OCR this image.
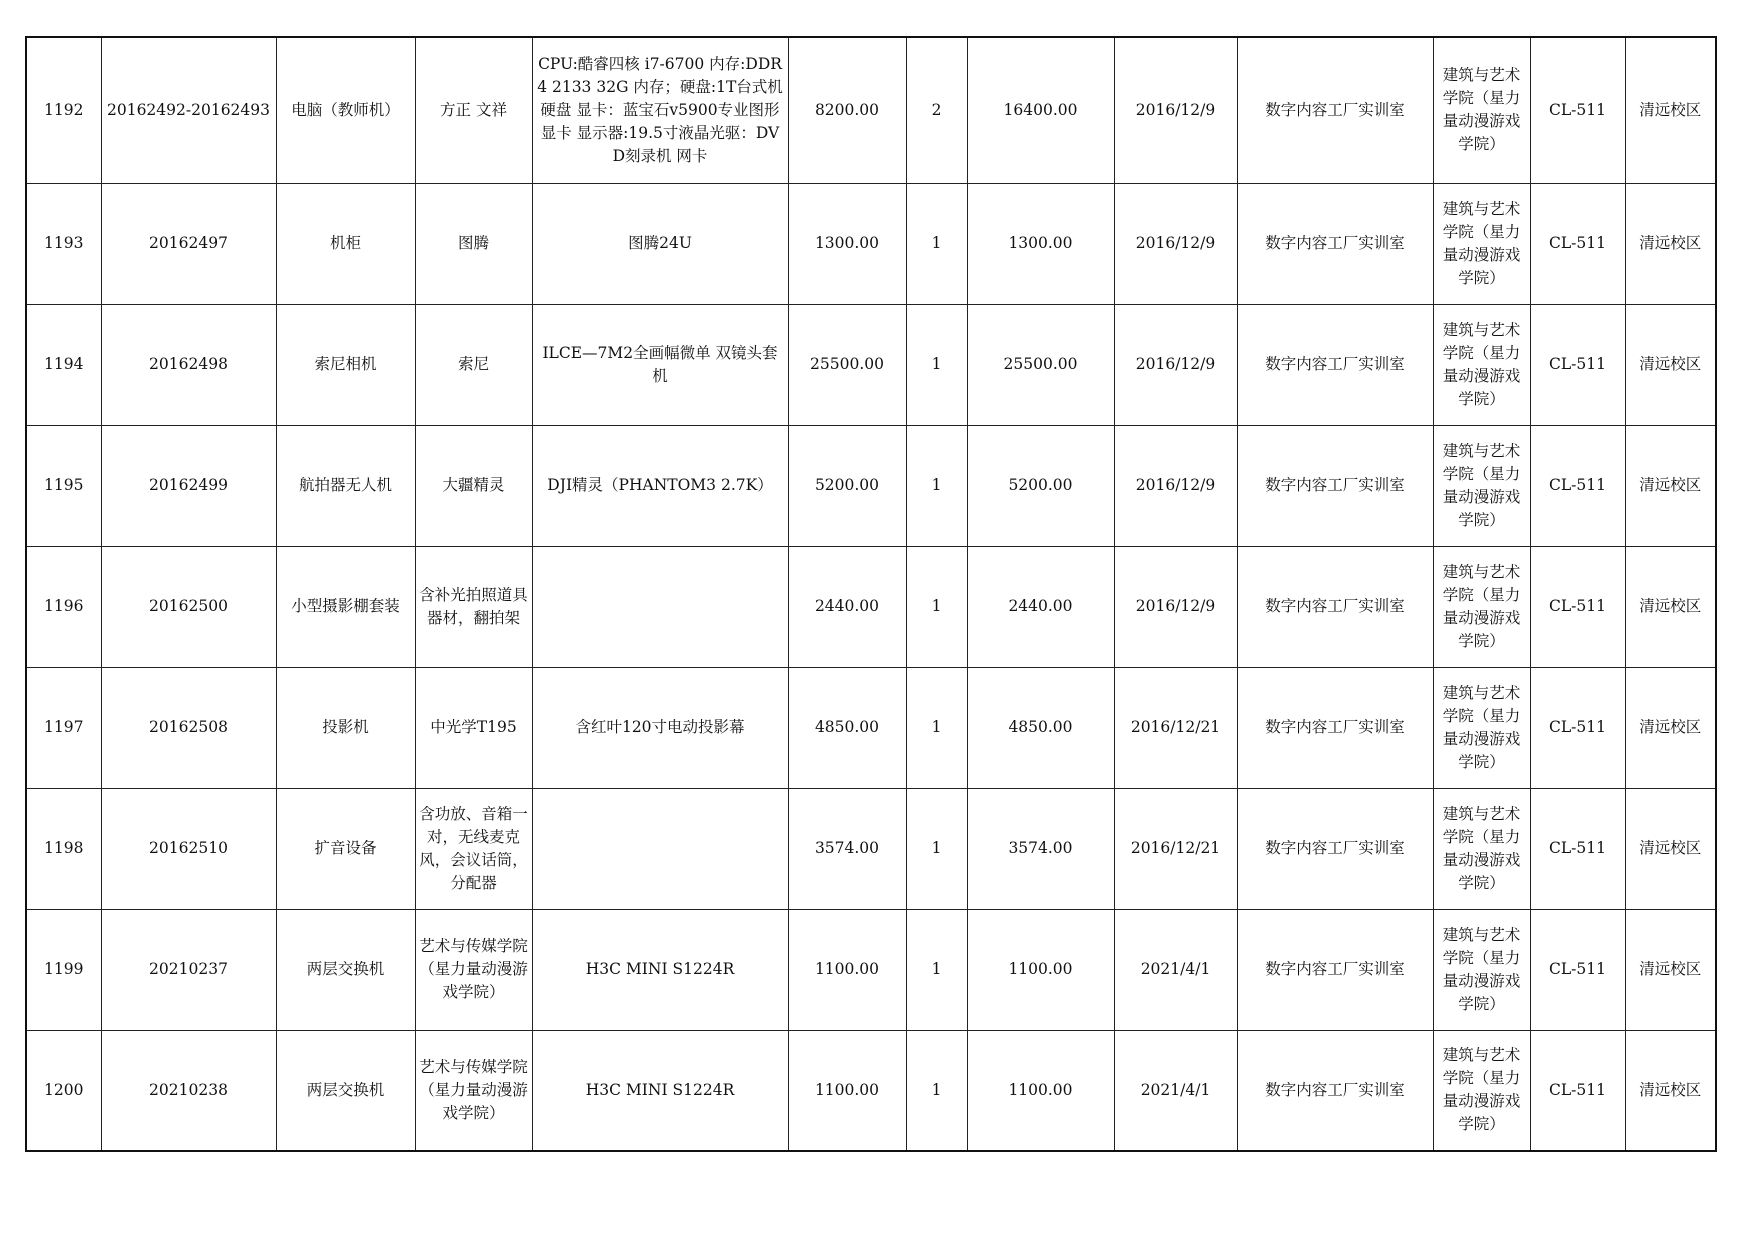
1192	20162492-20162493	电脑（教师机）	方正 文祥	CPU:酷睿四核 i7-6700 内存:DDR4 2133 32G 内存；硬盘:1T台式机硬盘 显卡：蓝宝石v5900专业图形显卡 显示器:19.5寸液晶光驱：DVD刻录机 网卡	8200.00	2	16400.00	2016/12/9	数字内容工厂实训室	建筑与艺术学院（星力量动漫游戏学院）	CL-511	清远校区
1193	20162497	机柜	图腾	图腾24U	1300.00	1	1300.00	2016/12/9	数字内容工厂实训室	建筑与艺术学院（星力量动漫游戏学院）	CL-511	清远校区
1194	20162498	索尼相机	索尼	ILCE—7M2全画幅微单 双镜头套机	25500.00	1	25500.00	2016/12/9	数字内容工厂实训室	建筑与艺术学院（星力量动漫游戏学院）	CL-511	清远校区
1195	20162499	航拍器无人机	大疆精灵	DJI精灵（PHANTOM3 2.7K）	5200.00	1	5200.00	2016/12/9	数字内容工厂实训室	建筑与艺术学院（星力量动漫游戏学院）	CL-511	清远校区
1196	20162500	小型摄影棚套装	含补光拍照道具器材，翻拍架		2440.00	1	2440.00	2016/12/9	数字内容工厂实训室	建筑与艺术学院（星力量动漫游戏学院）	CL-511	清远校区
1197	20162508	投影机	中光学T195	含红叶120寸电动投影幕	4850.00	1	4850.00	2016/12/21	数字内容工厂实训室	建筑与艺术学院（星力量动漫游戏学院）	CL-511	清远校区
1198	20162510	扩音设备	含功放、音箱一对，无线麦克风，会议话筒，分配器		3574.00	1	3574.00	2016/12/21	数字内容工厂实训室	建筑与艺术学院（星力量动漫游戏学院）	CL-511	清远校区
1199	20210237	两层交换机	艺术与传媒学院（星力量动漫游戏学院）	H3C MINI S1224R	1100.00	1	1100.00	2021/4/1	数字内容工厂实训室	建筑与艺术学院（星力量动漫游戏学院）	CL-511	清远校区
1200	20210238	两层交换机	艺术与传媒学院（星力量动漫游戏学院）	H3C MINI S1224R	1100.00	1	1100.00	2021/4/1	数字内容工厂实训室	建筑与艺术学院（星力量动漫游戏学院）	CL-511	清远校区
